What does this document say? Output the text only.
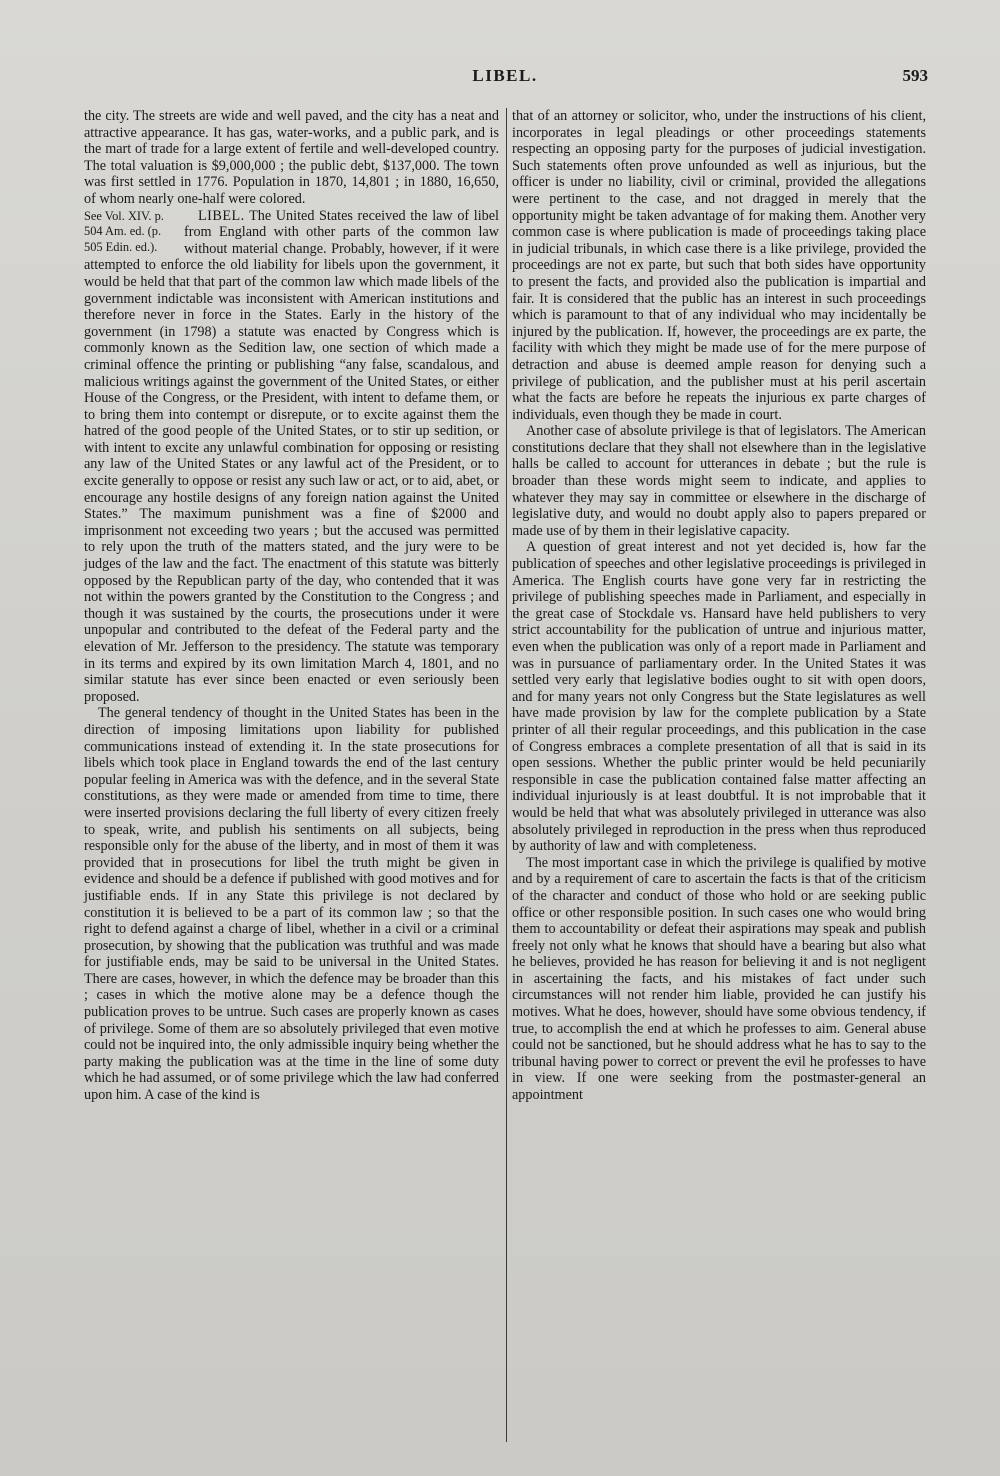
LIBEL.	593

the city. The streets are wide and well paved, and the city has a neat and attractive appearance. It has gas, water-works, and a public park, and is the mart of trade for a large extent of fertile and well-developed country. The total valuation is $9,000,000 ; the public debt, $137,000. The town was first settled in 1776. Population in 1870, 14,801 ; in 1880, 16,650, of whom nearly one-half were colored.

See Vol. XIV. p. 504 Am. ed. (p. 505 Edin. ed.).

LIBEL. The United States received the law of libel from England with other parts of the common law without material change. Probably, however, if it were attempted to enforce the old liability for libels upon the government, it would be held that that part of the common law which made libels of the government indictable was inconsistent with American institutions and therefore never in force in the States. Early in the history of the government (in 1798) a statute was enacted by Congress which is commonly known as the Sedition law, one section of which made a criminal offence the printing or publishing “any false, scandalous, and malicious writings against the government of the United States, or either House of the Congress, or the President, with intent to defame them, or to bring them into contempt or disrepute, or to excite against them the hatred of the good people of the United States, or to stir up sedition, or with intent to excite any unlawful combination for opposing or resisting any law of the United States or any lawful act of the President, or to excite generally to oppose or resist any such law or act, or to aid, abet, or encourage any hostile designs of any foreign nation against the United States.” The maximum punishment was a fine of $2000 and imprisonment not exceeding two years ; but the accused was permitted to rely upon the truth of the matters stated, and the jury were to be judges of the law and the fact. The enactment of this statute was bitterly opposed by the Republican party of the day, who contended that it was not within the powers granted by the Constitution to the Congress ; and though it was sustained by the courts, the prosecutions under it were unpopular and contributed to the defeat of the Federal party and the elevation of Mr. Jefferson to the presidency. The statute was temporary in its terms and expired by its own limitation March 4, 1801, and no similar statute has ever since been enacted or even seriously been proposed.

The general tendency of thought in the United States has been in the direction of imposing limitations upon liability for published communications instead of extending it. In the state prosecutions for libels which took place in England towards the end of the last century popular feeling in America was with the defence, and in the several State constitutions, as they were made or amended from time to time, there were inserted provisions declaring the full liberty of every citizen freely to speak, write, and publish his sentiments on all subjects, being responsible only for the abuse of the liberty, and in most of them it was provided that in prosecutions for libel the truth might be given in evidence and should be a defence if published with good motives and for justifiable ends. If in any State this privilege is not declared by constitution it is believed to be a part of its common law ; so that the right to defend against a charge of libel, whether in a civil or a criminal prosecution, by showing that the publication was truthful and was made for justifiable ends, may be said to be universal in the United States. There are cases, however, in which the defence may be broader than this ; cases in which the motive alone may be a defence though the publication proves to be untrue. Such cases are properly known as cases of privilege. Some of them are so absolutely privileged that even motive could not be inquired into, the only admissible inquiry being whether the party making the publication was at the time in the line of some duty which he had assumed, or of some privilege which the law had conferred upon him. A case of the kind is

that of an attorney or solicitor, who, under the instructions of his client, incorporates in legal pleadings or other proceedings statements respecting an opposing party for the purposes of judicial investigation. Such statements often prove unfounded as well as injurious, but the officer is under no liability, civil or criminal, provided the allegations were pertinent to the case, and not dragged in merely that the opportunity might be taken advantage of for making them. Another very common case is where publication is made of proceedings taking place in judicial tribunals, in which case there is a like privilege, provided the proceedings are not ex parte, but such that both sides have opportunity to present the facts, and provided also the publication is impartial and fair. It is considered that the public has an interest in such proceedings which is paramount to that of any individual who may incidentally be injured by the publication. If, however, the proceedings are ex parte, the facility with which they might be made use of for the mere purpose of detraction and abuse is deemed ample reason for denying such a privilege of publication, and the publisher must at his peril ascertain what the facts are before he repeats the injurious ex parte charges of individuals, even though they be made in court.

Another case of absolute privilege is that of legislators. The American constitutions declare that they shall not elsewhere than in the legislative halls be called to account for utterances in debate ; but the rule is broader than these words might seem to indicate, and applies to whatever they may say in committee or elsewhere in the discharge of legislative duty, and would no doubt apply also to papers prepared or made use of by them in their legislative capacity.

A question of great interest and not yet decided is, how far the publication of speeches and other legislative proceedings is privileged in America. The English courts have gone very far in restricting the privilege of publishing speeches made in Parliament, and especially in the great case of Stockdale vs. Hansard have held publishers to very strict accountability for the publication of untrue and injurious matter, even when the publication was only of a report made in Parliament and was in pursuance of parliamentary order. In the United States it was settled very early that legislative bodies ought to sit with open doors, and for many years not only Congress but the State legislatures as well have made provision by law for the complete publication by a State printer of all their regular proceedings, and this publication in the case of Congress embraces a complete presentation of all that is said in its open sessions. Whether the public printer would be held pecuniarily responsible in case the publication contained false matter affecting an individual injuriously is at least doubtful. It is not improbable that it would be held that what was absolutely privileged in utterance was also absolutely privileged in reproduction in the press when thus reproduced by authority of law and with completeness.

The most important case in which the privilege is qualified by motive and by a requirement of care to ascertain the facts is that of the criticism of the character and conduct of those who hold or are seeking public office or other responsible position. In such cases one who would bring them to accountability or defeat their aspirations may speak and publish freely not only what he knows that should have a bearing but also what he believes, provided he has reason for believing it and is not negligent in ascertaining the facts, and his mistakes of fact under such circumstances will not render him liable, provided he can justify his motives. What he does, however, should have some obvious tendency, if true, to accomplish the end at which he professes to aim. General abuse could not be sanctioned, but he should address what he has to say to the tribunal having power to correct or prevent the evil he professes to have in view. If one were seeking from the postmaster-general an appointment
